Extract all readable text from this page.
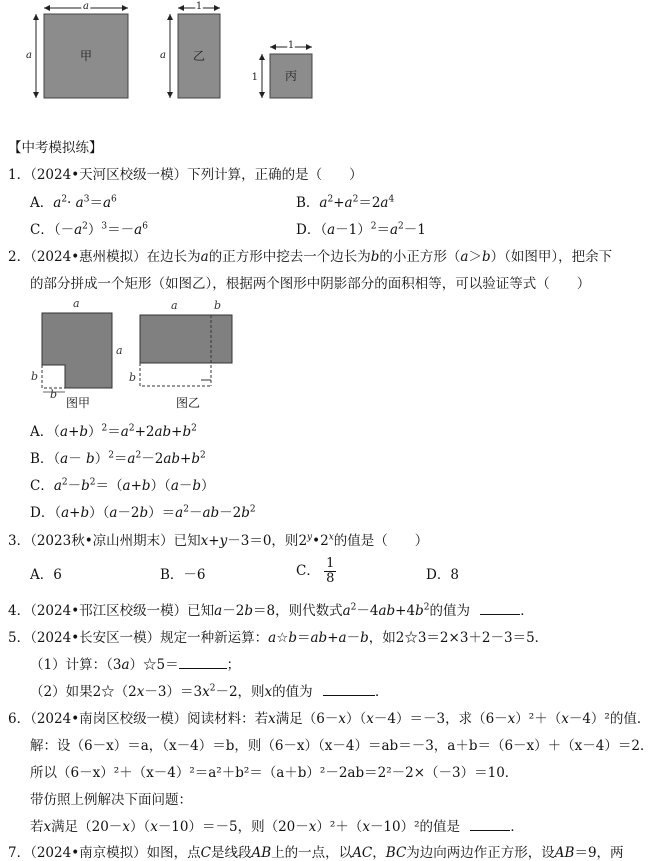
a
a	甲
1
a 乙
1
1 丙
【中考模拟练】
1．（2024•天河区校级一模）下列计算，正确的是（　　）
A．$a^2\cdot a^3=a^6$	B．$a^2+a^2=2a^4$
C．$(-a^2)^3=-a^6$	D．$(a-1)^2=a^2-1$
2．（2024•惠州模拟）在边长为a的正方形中挖去一个边长为b的小正方形（a＞b）（如图甲），把余下
的部分拼成一个矩形（如图乙），根据两个图形中阴影部分的面积相等，可以验证等式（　　）
a
a
b
b
图甲
a	b
b
图乙
A．$(a+b)^2=a^2+2ab+b^2$
B．$(a- b)^2=a^2-2ab+b^2$
C．$a^2-b^2=(a+b)(a-b)$
D．$(a+b)(a-2b)=a^2-ab-2b^2$
3．（2023秋•凉山州期末）已知x+y－3＝0，则2$^y$•2$^x$的值是（　　）
A．6	B．－6	C． $\frac{1}{8}$	D．8
4．（2024•邗江区校级一模）已知a－2b＝8，则代数式$a^2-4ab+4b^2$的值为	．
5．（2024•长安区一模）规定一种新运算：a☆b＝ab+a－b，如2☆3＝2×3＋2－3＝5．
（1）计算：（3a）☆5＝	；
（2）如果$2☆(2x-3)=3x^2-2$，则x的值为	．
6．（2024•南岗区校级一模）阅读材料：若x满足（6－x）（x－4）＝－3，求（6－x）²＋（x－4）²的值．
解：设（6－x）＝a，（x－4）＝b，则（6－x）（x－4）＝ab＝－3，a＋b＝（6－x）＋（x－4）＝2．
所以（6－x）²＋（x－4）²＝a²＋b²＝（a＋b）²－2ab＝2²－2×（－3）＝10．
带仿照上例解决下面问题：
若x满足（20－x）（x－10）＝－5，则（20－x）²＋（x－10）²的值是	．
7．（2024•南京模拟）如图，点C是线段AB上的一点，以AC，BC为边向两边作正方形，设AB＝9，两
